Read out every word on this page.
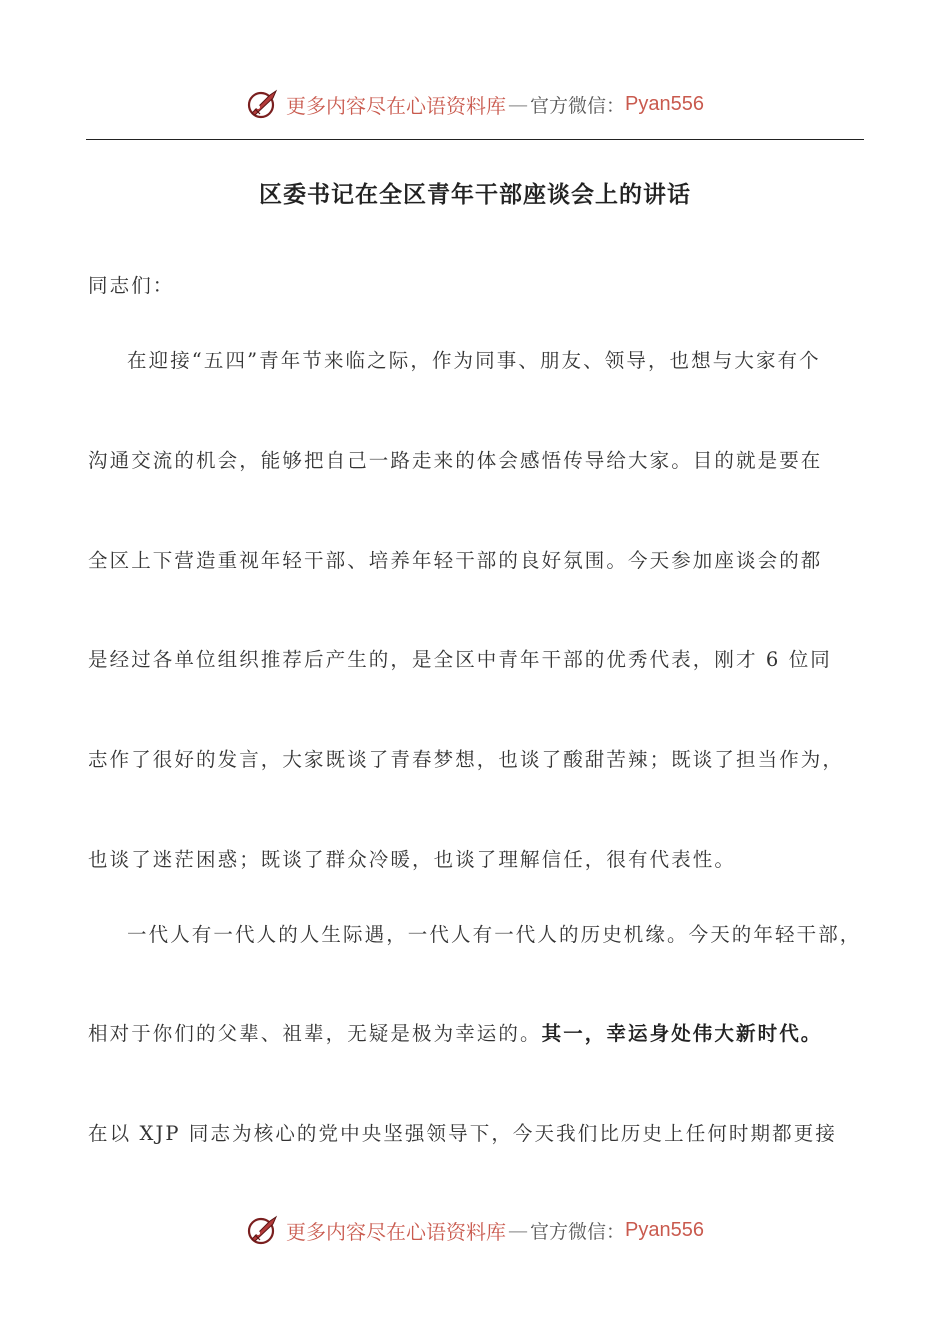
更多内容尽在心语资料库 — 官方微信： Pyan556
区委书记在全区青年干部座谈会上的讲话
同志们：
在迎接“五四”青年节来临之际，作为同事、朋友、领导，也想与大家有个
沟通交流的机会，能够把自己一路走来的体会感悟传导给大家。目的就是要在
全区上下营造重视年轻干部、培养年轻干部的良好氛围。今天参加座谈会的都
是经过各单位组织推荐后产生的，是全区中青年干部的优秀代表，刚才 6 位同
志作了很好的发言，大家既谈了青春梦想，也谈了酸甜苦辣；既谈了担当作为，
也谈了迷茫困惑；既谈了群众冷暖，也谈了理解信任，很有代表性。
一代人有一代人的人生际遇，一代人有一代人的历史机缘。今天的年轻干部，
相对于你们的父辈、祖辈，无疑是极为幸运的。其一，幸运身处伟大新时代。
在以 XJP 同志为核心的党中央坚强领导下，今天我们比历史上任何时期都更接
更多内容尽在心语资料库 — 官方微信： Pyan556
